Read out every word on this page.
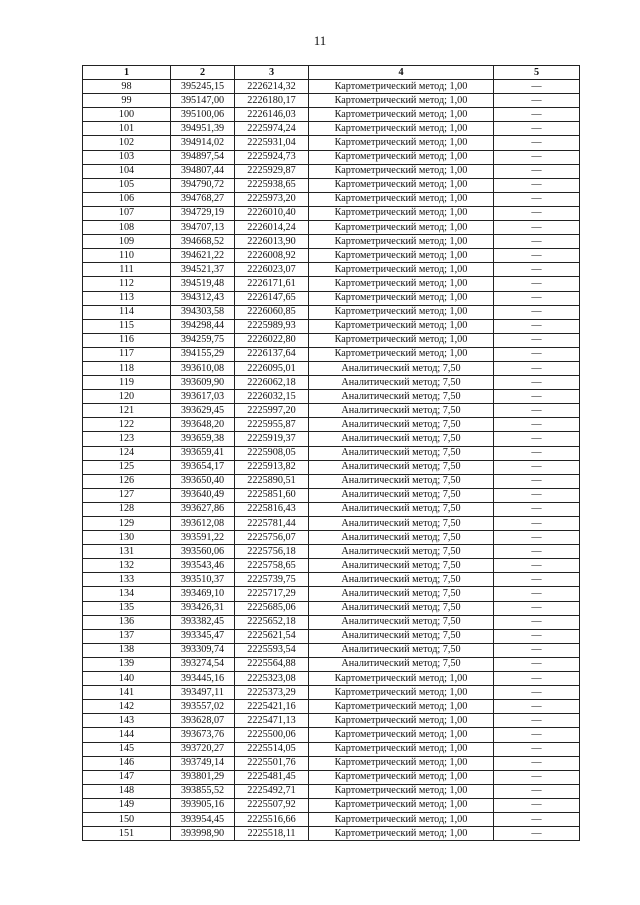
11
1	2	3	4	5
98	395245,15	2226214,32	Картометрический метод; 1,00	—
99	395147,00	2226180,17	Картометрический метод; 1,00	—
100	395100,06	2226146,03	Картометрический метод; 1,00	—
101	394951,39	2225974,24	Картометрический метод; 1,00	—
102	394914,02	2225931,04	Картометрический метод; 1,00	—
103	394897,54	2225924,73	Картометрический метод; 1,00	—
104	394807,44	2225929,87	Картометрический метод; 1,00	—
105	394790,72	2225938,65	Картометрический метод; 1,00	—
106	394768,27	2225973,20	Картометрический метод; 1,00	—
107	394729,19	2226010,40	Картометрический метод; 1,00	—
108	394707,13	2226014,24	Картометрический метод; 1,00	—
109	394668,52	2226013,90	Картометрический метод; 1,00	—
110	394621,22	2226008,92	Картометрический метод; 1,00	—
111	394521,37	2226023,07	Картометрический метод; 1,00	—
112	394519,48	2226171,61	Картометрический метод; 1,00	—
113	394312,43	2226147,65	Картометрический метод; 1,00	—
114	394303,58	2226060,85	Картометрический метод; 1,00	—
115	394298,44	2225989,93	Картометрический метод; 1,00	—
116	394259,75	2226022,80	Картометрический метод; 1,00	—
117	394155,29	2226137,64	Картометрический метод; 1,00	—
118	393610,08	2226095,01	Аналитический метод; 7,50	—
119	393609,90	2226062,18	Аналитический метод; 7,50	—
120	393617,03	2226032,15	Аналитический метод; 7,50	—
121	393629,45	2225997,20	Аналитический метод; 7,50	—
122	393648,20	2225955,87	Аналитический метод; 7,50	—
123	393659,38	2225919,37	Аналитический метод; 7,50	—
124	393659,41	2225908,05	Аналитический метод; 7,50	—
125	393654,17	2225913,82	Аналитический метод; 7,50	—
126	393650,40	2225890,51	Аналитический метод; 7,50	—
127	393640,49	2225851,60	Аналитический метод; 7,50	—
128	393627,86	2225816,43	Аналитический метод; 7,50	—
129	393612,08	2225781,44	Аналитический метод; 7,50	—
130	393591,22	2225756,07	Аналитический метод; 7,50	—
131	393560,06	2225756,18	Аналитический метод; 7,50	—
132	393543,46	2225758,65	Аналитический метод; 7,50	—
133	393510,37	2225739,75	Аналитический метод; 7,50	—
134	393469,10	2225717,29	Аналитический метод; 7,50	—
135	393426,31	2225685,06	Аналитический метод; 7,50	—
136	393382,45	2225652,18	Аналитический метод; 7,50	—
137	393345,47	2225621,54	Аналитический метод; 7,50	—
138	393309,74	2225593,54	Аналитический метод; 7,50	—
139	393274,54	2225564,88	Аналитический метод; 7,50	—
140	393445,16	2225323,08	Картометрический метод; 1,00	—
141	393497,11	2225373,29	Картометрический метод; 1,00	—
142	393557,02	2225421,16	Картометрический метод; 1,00	—
143	393628,07	2225471,13	Картометрический метод; 1,00	—
144	393673,76	2225500,06	Картометрический метод; 1,00	—
145	393720,27	2225514,05	Картометрический метод; 1,00	—
146	393749,14	2225501,76	Картометрический метод; 1,00	—
147	393801,29	2225481,45	Картометрический метод; 1,00	—
148	393855,52	2225492,71	Картометрический метод; 1,00	—
149	393905,16	2225507,92	Картометрический метод; 1,00	—
150	393954,45	2225516,66	Картометрический метод; 1,00	—
151	393998,90	2225518,11	Картометрический метод; 1,00	—
